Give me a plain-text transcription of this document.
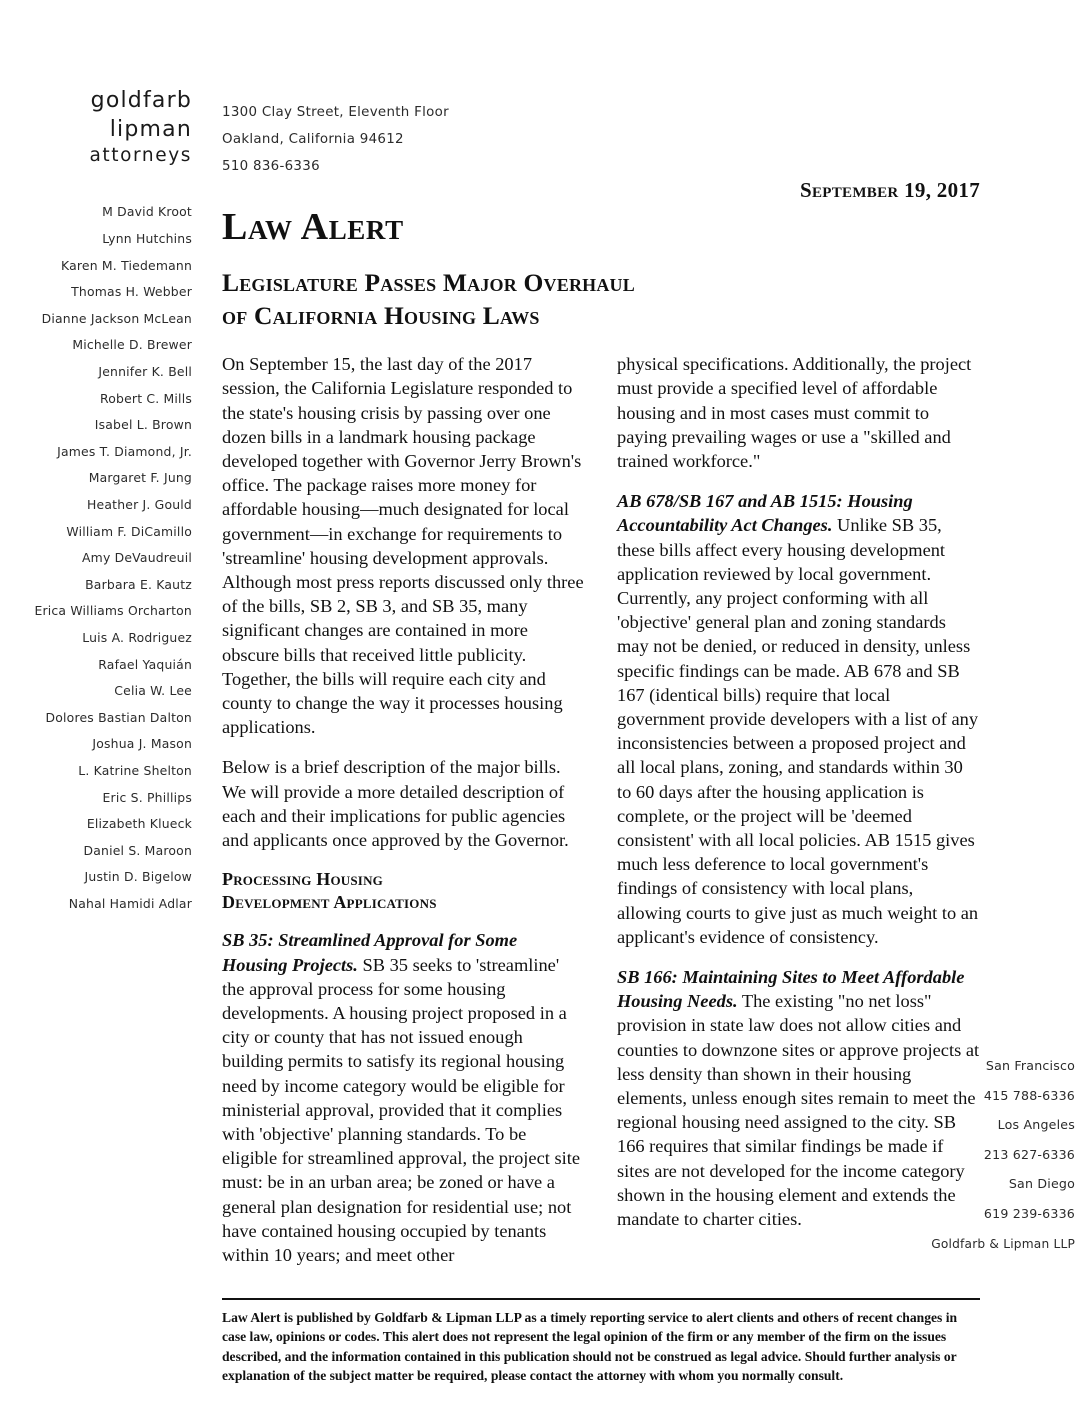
goldfarb
lipman
attorneys
M David Kroot
Lynn Hutchins
Karen M. Tiedemann
Thomas H. Webber
Dianne Jackson McLean
Michelle D. Brewer
Jennifer K. Bell
Robert C. Mills
Isabel L. Brown
James T. Diamond, Jr.
Margaret F. Jung
Heather J. Gould
William F. DiCamillo
Amy DeVaudreuil
Barbara E. Kautz
Erica Williams Orcharton
Luis A. Rodriguez
Rafael Yaquián
Celia W. Lee
Dolores Bastian Dalton
Joshua J. Mason
L. Katrine Shelton
Eric S. Phillips
Elizabeth Klueck
Daniel S. Maroon
Justin D. Bigelow
Nahal Hamidi Adlar
San Francisco
415 788-6336
Los Angeles
213 627-6336
San Diego
619 239-6336
Goldfarb & Lipman LLP
1300 Clay Street, Eleventh Floor
Oakland, California 94612
510 836-6336
September 19, 2017
Law Alert
Legislature Passes Major Overhaul
of California Housing Laws

On September 15, the last day of the 2017 session, the California Legislature responded to the state's housing crisis by passing over one dozen bills in a landmark housing package developed together with Governor Jerry Brown's office. The package raises more money for affordable housing—much designated for local government—in exchange for requirements to 'streamline' housing development approvals. Although most press reports discussed only three of the bills, SB 2, SB 3, and SB 35, many significant changes are contained in more obscure bills that received little publicity. Together, the bills will require each city and county to change the way it processes housing applications.

Below is a brief description of the major bills. We will provide a more detailed description of each and their implications for public agencies and applicants once approved by the Governor.

Processing Housing
Development Applications

SB 35: Streamlined Approval for Some Housing Projects. SB 35 seeks to 'streamline' the approval process for some housing developments. A housing project proposed in a city or county that has not issued enough building permits to satisfy its regional housing need by income category would be eligible for ministerial approval, provided that it complies with 'objective' planning standards. To be eligible for streamlined approval, the project site must: be in an urban area; be zoned or have a general plan designation for residential use; not have contained housing occupied by tenants within 10 years; and meet other

physical specifications. Additionally, the project must provide a specified level of affordable housing and in most cases must commit to paying prevailing wages or use a "skilled and trained workforce."

AB 678/SB 167 and AB 1515: Housing Accountability Act Changes. Unlike SB 35, these bills affect every housing development application reviewed by local government. Currently, any project conforming with all 'objective' general plan and zoning standards may not be denied, or reduced in density, unless specific findings can be made. AB 678 and SB 167 (identical bills) require that local government provide developers with a list of any inconsistencies between a proposed project and all local plans, zoning, and standards within 30 to 60 days after the housing application is complete, or the project will be 'deemed consistent' with all local policies. AB 1515 gives much less deference to local government's findings of consistency with local plans, allowing courts to give just as much weight to an applicant's evidence of consistency.

SB 166: Maintaining Sites to Meet Affordable Housing Needs. The existing "no net loss" provision in state law does not allow cities and counties to downzone sites or approve projects at less density than shown in their housing elements, unless enough sites remain to meet the regional housing need assigned to the city. SB 166 requires that similar findings be made if sites are not developed for the income category shown in the housing element and extends the mandate to charter cities.

Law Alert is published by Goldfarb & Lipman LLP as a timely reporting service to alert clients and others of recent changes in case law, opinions or codes. This alert does not represent the legal opinion of the firm or any member of the firm on the issues described, and the information contained in this publication should not be construed as legal advice. Should further analysis or explanation of the subject matter be required, please contact the attorney with whom you normally consult.
